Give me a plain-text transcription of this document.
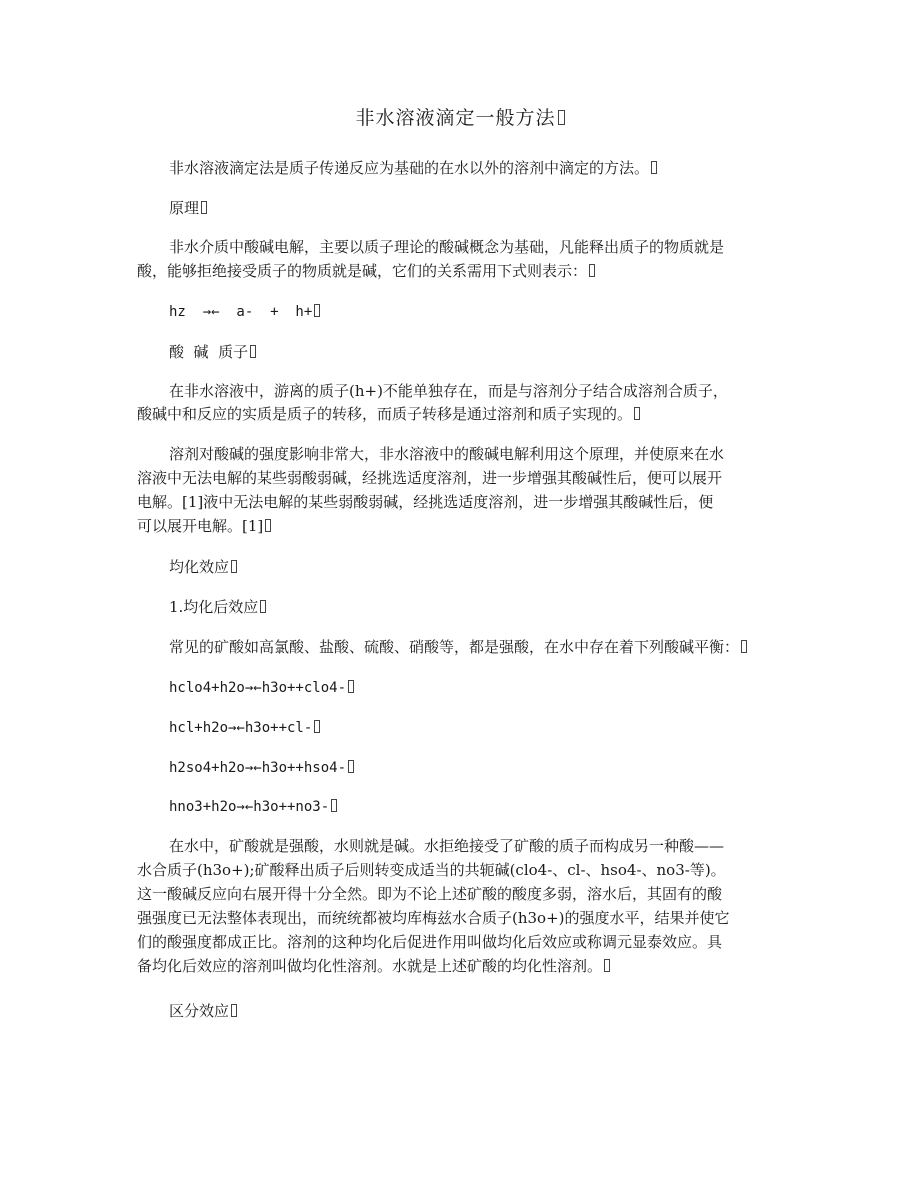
非水溶液滴定一般方法
非水溶液滴定法是质子传递反应为基础的在水以外的溶剂中滴定的方法。
原理
非水介质中酸碱电解，主要以质子理论的酸碱概念为基础，凡能释出质子的物质就是
酸，能够拒绝接受质子的物质就是碱，它们的关系需用下式则表示：
hz  →←  a-  +  h+
酸  碱  质子
在非水溶液中，游离的质子(h+)不能单独存在，而是与溶剂分子结合成溶剂合质子，
酸碱中和反应的实质是质子的转移，而质子转移是通过溶剂和质子实现的。
溶剂对酸碱的强度影响非常大，非水溶液中的酸碱电解利用这个原理，并使原来在水
溶液中无法电解的某些弱酸弱碱，经挑选适度溶剂，进一步增强其酸碱性后，便可以展开
电解。[1]液中无法电解的某些弱酸弱碱，经挑选适度溶剂，进一步增强其酸碱性后，便
可以展开电解。[1]
均化效应
1.均化后效应
常见的矿酸如高氯酸、盐酸、硫酸、硝酸等，都是强酸，在水中存在着下列酸碱平衡：
hclo4+h2o→←h3o++clo4-
hcl+h2o→←h3o++cl-
h2so4+h2o→←h3o++hso4-
hno3+h2o→←h3o++no3-
在水中，矿酸就是强酸，水则就是碱。水拒绝接受了矿酸的质子而构成另一种酸——
水合质子(h3o+);矿酸释出质子后则转变成适当的共轭碱(clo4-、cl-、hso4-、no3-等)。
这一酸碱反应向右展开得十分全然。即为不论上述矿酸的酸度多弱，溶水后，其固有的酸
强强度已无法整体表现出，而统统都被均库梅兹水合质子(h3o+)的强度水平，结果并使它
们的酸强度都成正比。溶剂的这种均化后促进作用叫做均化后效应或称调元显泰效应。具
备均化后效应的溶剂叫做均化性溶剂。水就是上述矿酸的均化性溶剂。
区分效应
